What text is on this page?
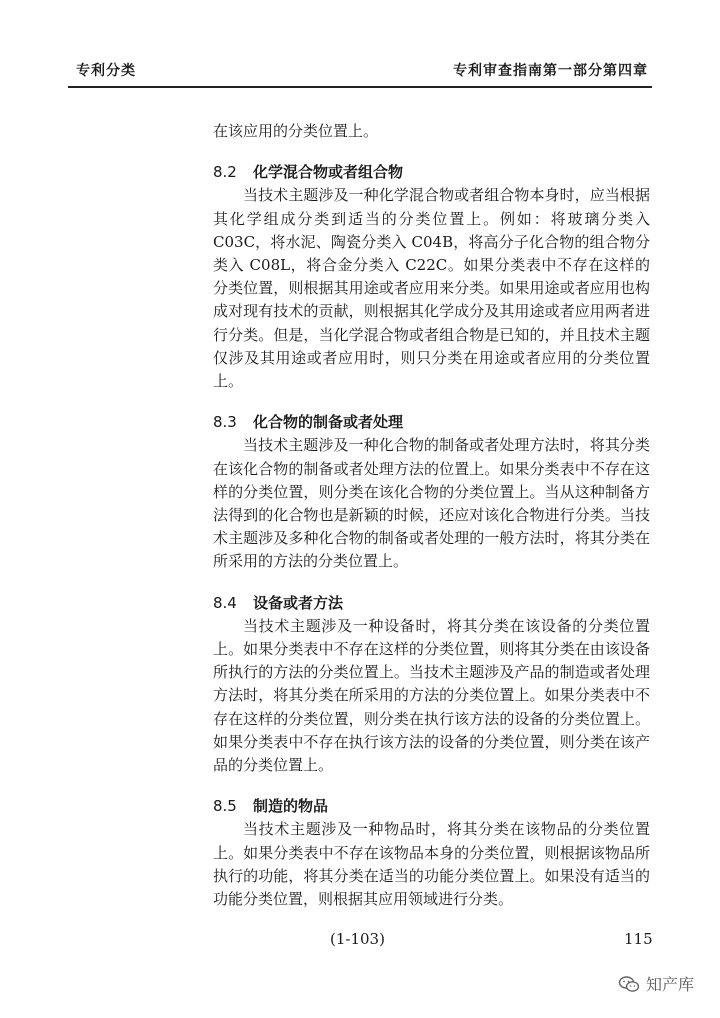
专利分类	专利审查指南第一部分第四章

在该应用的分类位置上。

8.2 化学混合物或者组合物

当技术主题涉及一种化学混合物或者组合物本身时，应当根据其化学组成分类到适当的分类位置上。例如：将玻璃分类入 C03C，将水泥、陶瓷分类入 C04B，将高分子化合物的组合物分类入 C08L，将合金分类入 C22C。如果分类表中不存在这样的分类位置，则根据其用途或者应用来分类。如果用途或者应用也构成对现有技术的贡献，则根据其化学成分及其用途或者应用两者进行分类。但是，当化学混合物或者组合物是已知的，并且技术主题仅涉及其用途或者应用时，则只分类在用途或者应用的分类位置上。

8.3 化合物的制备或者处理

当技术主题涉及一种化合物的制备或者处理方法时，将其分类在该化合物的制备或者处理方法的位置上。如果分类表中不存在这样的分类位置，则分类在该化合物的分类位置上。当从这种制备方法得到的化合物也是新颖的时候，还应对该化合物进行分类。当技术主题涉及多种化合物的制备或者处理的一般方法时，将其分类在所采用的方法的分类位置上。

8.4 设备或者方法

当技术主题涉及一种设备时，将其分类在该设备的分类位置上。如果分类表中不存在这样的分类位置，则将其分类在由该设备所执行的方法的分类位置上。当技术主题涉及产品的制造或者处理方法时，将其分类在所采用的方法的分类位置上。如果分类表中不存在这样的分类位置，则分类在执行该方法的设备的分类位置上。如果分类表中不存在执行该方法的设备的分类位置，则分类在该产品的分类位置上。

8.5 制造的物品

当技术主题涉及一种物品时，将其分类在该物品的分类位置上。如果分类表中不存在该物品本身的分类位置，则根据该物品所执行的功能，将其分类在适当的功能分类位置上。如果没有适当的功能分类位置，则根据其应用领域进行分类。

(1-103)	115
知产库
